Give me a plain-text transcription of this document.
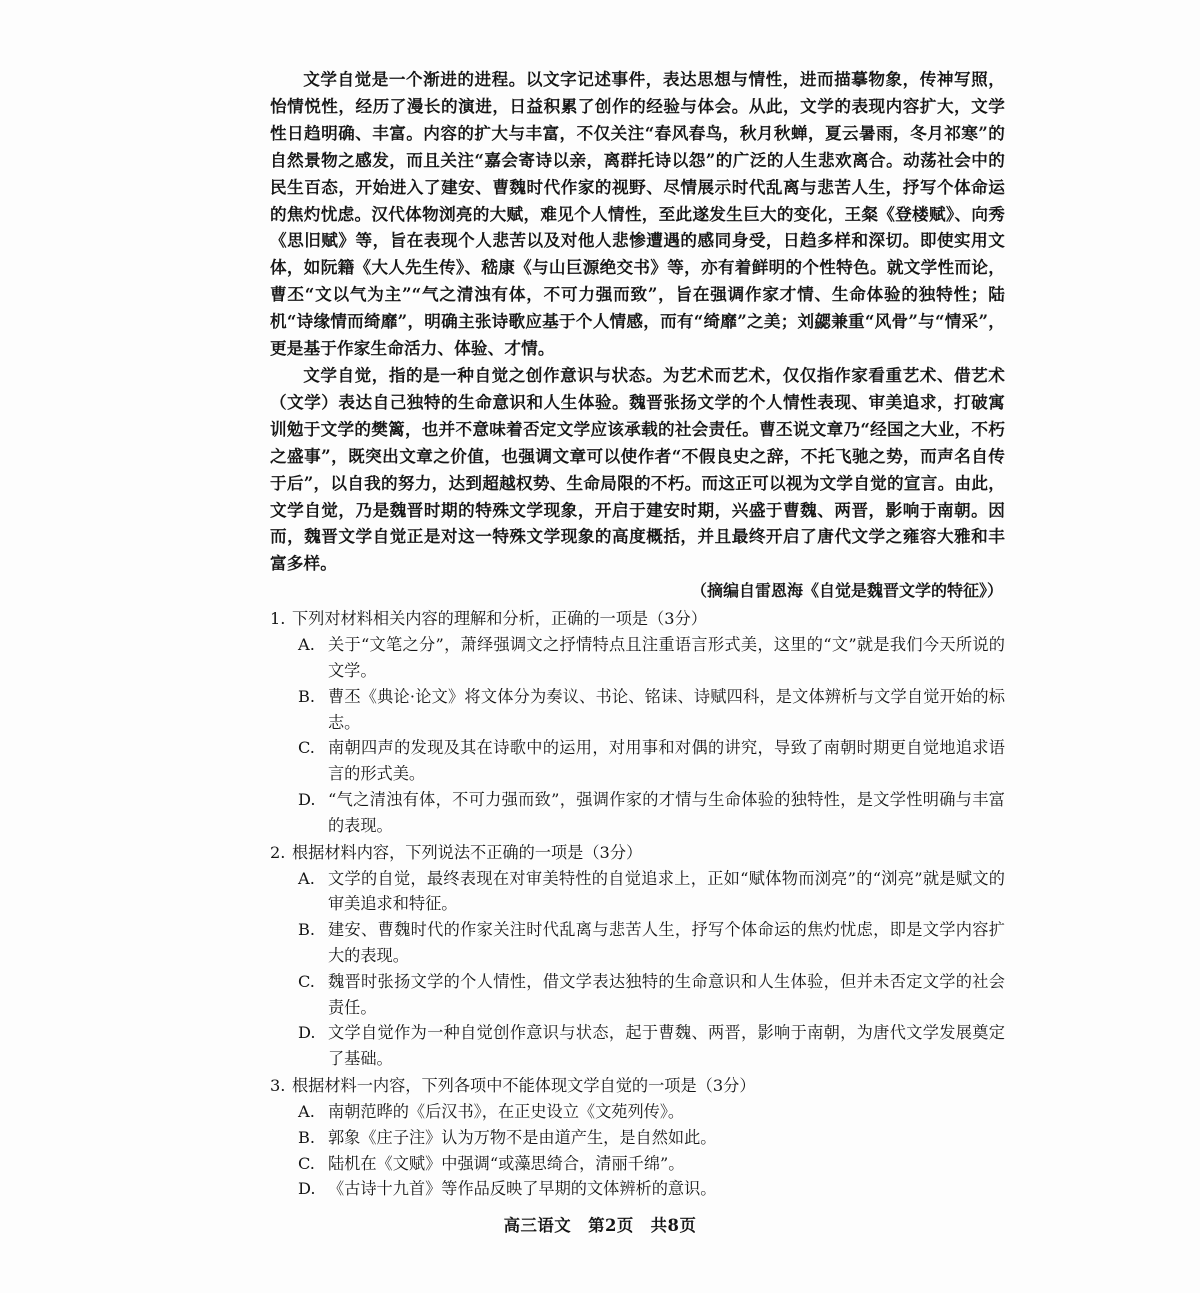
文学自觉是一个渐进的进程。以文字记述事件，表达思想与情性，进而描摹物象，传神写照，怡情悦性，经历了漫长的演进，日益积累了创作的经验与体会。从此，文学的表现内容扩大，文学性日趋明确、丰富。内容的扩大与丰富，不仅关注“春风春鸟，秋月秋蝉，夏云暑雨，冬月祁寒”的自然景物之感发，而且关注“嘉会寄诗以亲，离群托诗以怨”的广泛的人生悲欢离合。动荡社会中的民生百态，开始进入了建安、曹魏时代作家的视野、尽情展示时代乱离与悲苦人生，抒写个体命运的焦灼忧虑。汉代体物浏亮的大赋，难见个人情性，至此遂发生巨大的变化，王粲《登楼赋》、向秀《思旧赋》等，旨在表现个人悲苦以及对他人悲惨遭遇的感同身受，日趋多样和深切。即使实用文体，如阮籍《大人先生传》、嵇康《与山巨源绝交书》等，亦有着鲜明的个性特色。就文学性而论，曹丕“文以气为主”“气之清浊有体，不可力强而致”，旨在强调作家才情、生命体验的独特性；陆机“诗缘情而绮靡”，明确主张诗歌应基于个人情感，而有“绮靡”之美；刘勰兼重“风骨”与“情采”，更是基于作家生命活力、体验、才情。

文学自觉，指的是一种自觉之创作意识与状态。为艺术而艺术，仅仅指作家看重艺术、借艺术（文学）表达自己独特的生命意识和人生体验。魏晋张扬文学的个人情性表现、审美追求，打破寓训勉于文学的樊篱，也并不意味着否定文学应该承载的社会责任。曹丕说文章乃“经国之大业，不朽之盛事”，既突出文章之价值，也强调文章可以使作者“不假良史之辞，不托飞驰之势，而声名自传于后”，以自我的努力，达到超越权势、生命局限的不朽。而这正可以视为文学自觉的宣言。由此，文学自觉，乃是魏晋时期的特殊文学现象，开启于建安时期，兴盛于曹魏、两晋，影响于南朝。因而，魏晋文学自觉正是对这一特殊文学现象的高度概括，并且最终开启了唐代文学之雍容大雅和丰富多样。

（摘编自雷恩海《自觉是魏晋文学的特征》）

1. 下列对材料相关内容的理解和分析，正确的一项是（3分）

A. 关于“文笔之分”，萧绎强调文之抒情特点且注重语言形式美，这里的“文”就是我们今天所说的文学。
B. 曹丕《典论·论文》将文体分为奏议、书论、铭诔、诗赋四科，是文体辨析与文学自觉开始的标志。
C. 南朝四声的发现及其在诗歌中的运用，对用事和对偶的讲究，导致了南朝时期更自觉地追求语言的形式美。
D. “气之清浊有体，不可力强而致”，强调作家的才情与生命体验的独特性，是文学性明确与丰富的表现。

2. 根据材料内容，下列说法不正确的一项是（3分）

A. 文学的自觉，最终表现在对审美特性的自觉追求上，正如“赋体物而浏亮”的“浏亮”就是赋文的审美追求和特征。
B. 建安、曹魏时代的作家关注时代乱离与悲苦人生，抒写个体命运的焦灼忧虑，即是文学内容扩大的表现。
C. 魏晋时张扬文学的个人情性，借文学表达独特的生命意识和人生体验，但并未否定文学的社会责任。
D. 文学自觉作为一种自觉创作意识与状态，起于曹魏、两晋，影响于南朝，为唐代文学发展奠定了基础。

3. 根据材料一内容，下列各项中不能体现文学自觉的一项是（3分）

A. 南朝范晔的《后汉书》，在正史设立《文苑列传》。
B. 郭象《庄子注》认为万物不是由道产生，是自然如此。
C. 陆机在《文赋》中强调“或藻思绮合，清丽千绵”。
D. 《古诗十九首》等作品反映了早期的文体辨析的意识。
高三语文　第2页　共8页
